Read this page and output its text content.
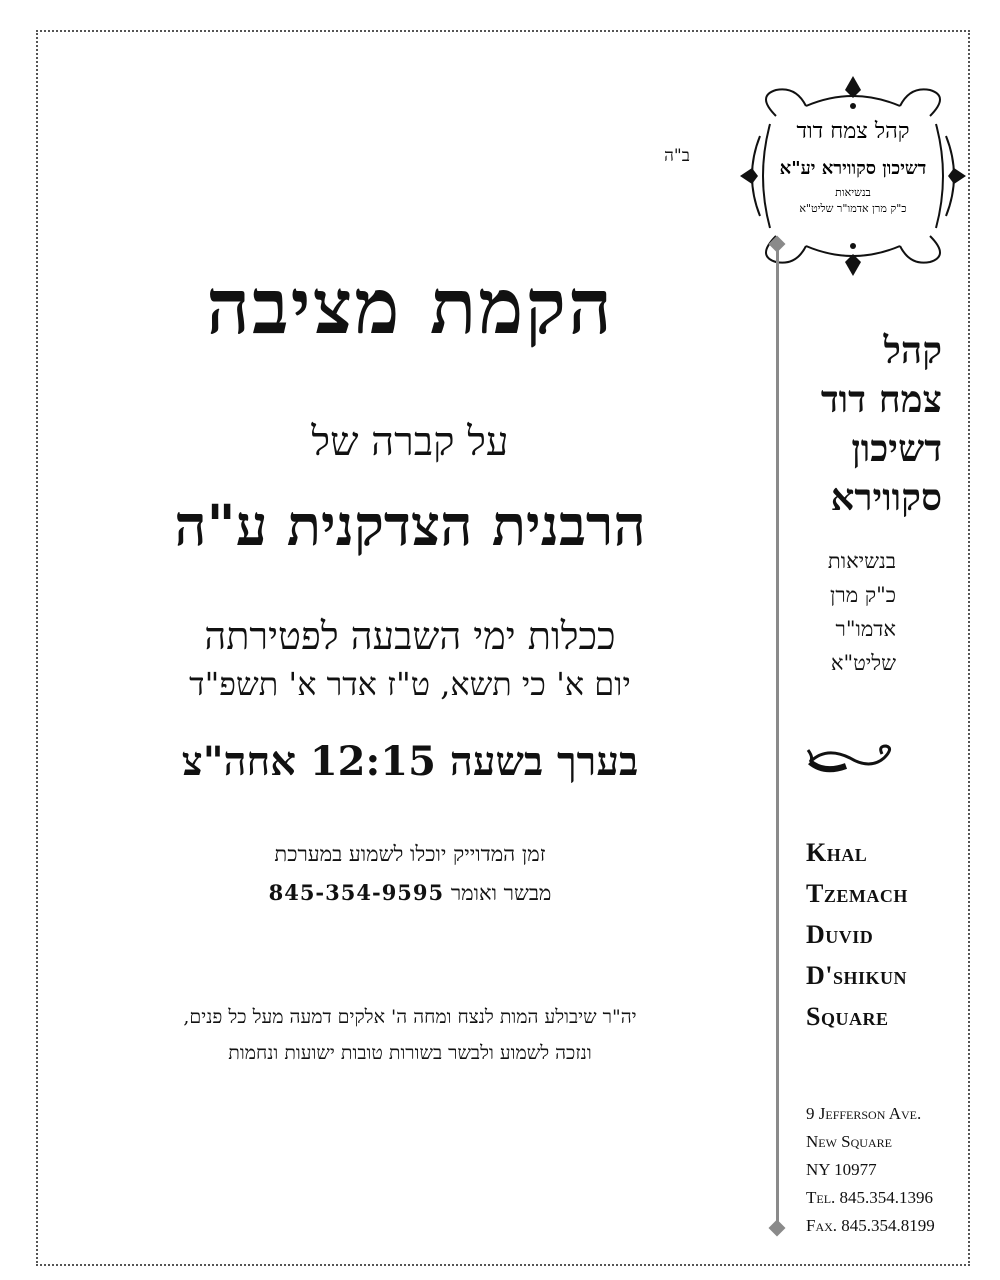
ב"ה
הקמת מציבה
על קברה של
הרבנית הצדקנית ע"ה
ככלות ימי השבעה לפטירתה
יום א' כי תשא, ט"ז אדר א' תשפ"ד
בערך בשעה 12:15 אחה"צ
זמן המדוייק יוכלו לשמוע במערכת
מבשר ואומר 845-354-9595
יה"ר שיבולע המות לנצח ומחה ה' אלקים דמעה מעל כל פנים,
ונזכה לשמוע ולבשר בשורות טובות ישועות ונחמות
קהל צמח דוד
דשיכון סקווירא יע"א
בנשיאות
כ"ק מרן אדמו"ר שליט"א
קהל
צמח דוד
דשיכון
סקווירא
בנשיאות
כ"ק מרן
אדמו"ר
שליט"א
Khal
Tzemach
Duvid
D'shikun
Square
9 Jefferson Ave.
New Square
NY 10977
Tel. 845.354.1396
Fax. 845.354.8199
